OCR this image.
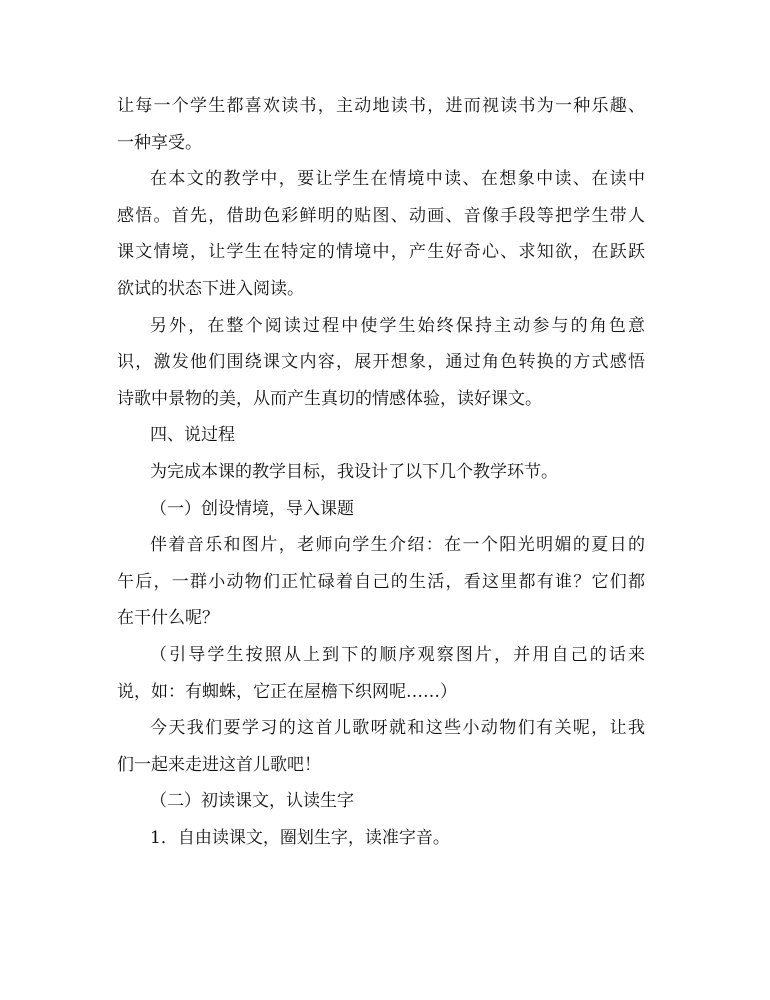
让每一个学生都喜欢读书，主动地读书，进而视读书为一种乐趣、
一种享受。
在本文的教学中，要让学生在情境中读、在想象中读、在读中
感悟。首先，借助色彩鲜明的贴图、动画、音像手段等把学生带人
课文情境，让学生在特定的情境中，产生好奇心、求知欲，在跃跃
欲试的状态下进入阅读。
另外，在整个阅读过程中使学生始终保持主动参与的角色意
识，激发他们围绕课文内容，展开想象，通过角色转换的方式感悟
诗歌中景物的美，从而产生真切的情感体验，读好课文。
四、说过程
为完成本课的教学目标，我设计了以下几个教学环节。
（一）创设情境，导入课题
伴着音乐和图片，老师向学生介绍：在一个阳光明媚的夏日的
午后，一群小动物们正忙碌着自己的生活，看这里都有谁？它们都
在干什么呢？
（引导学生按照从上到下的顺序观察图片，并用自己的话来
说，如：有蜘蛛，它正在屋檐下织网呢……）
今天我们要学习的这首儿歌呀就和这些小动物们有关呢，让我
们一起来走进这首儿歌吧！
（二）初读课文，认读生字
1．自由读课文，圈划生字，读准字音。
